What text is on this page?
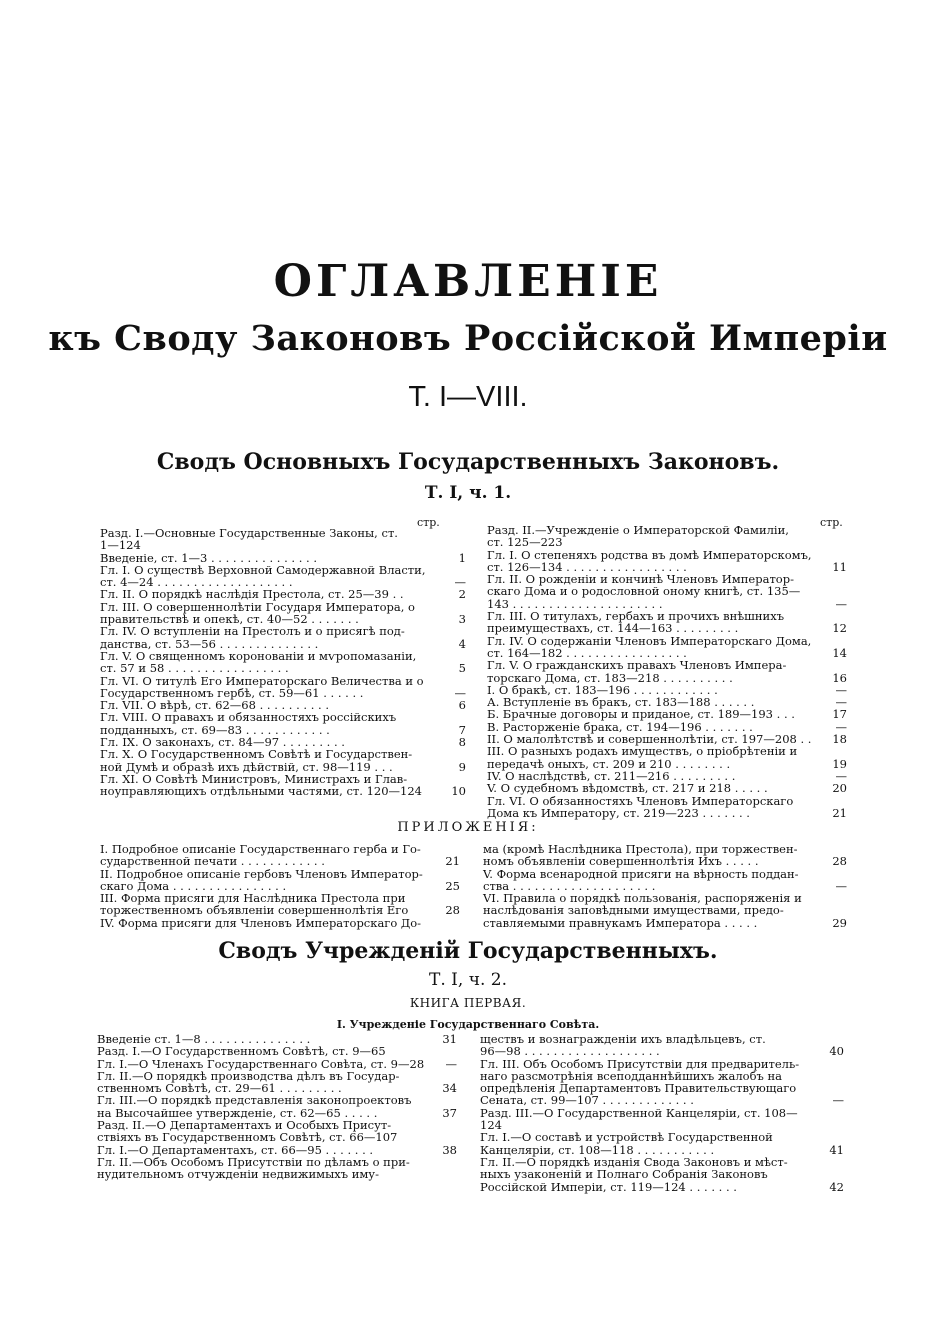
ОГЛАВЛЕНІЕ
къ Своду Законовъ Россійской Имперіи
Т. I—VIII.
Сводъ Основныхъ Государственныхъ Законовъ.
Т. I, ч. 1.
стр.	стр.
Разд. I.—Основные Государственные Законы, ст.
1—124
Введеніе, ст. 1—3 . . . . . . . . . . . . . . .	1
Гл. I. О существѣ Верховной Самодержавной Власти,
ст. 4—24 . . . . . . . . . . . . . . . . . . .	—
Гл. II. О порядкѣ наслѣдія Престола, ст. 25—39 . .	2
Гл. III. О совершеннолѣтіи Государя Императора, о
правительствѣ и опекѣ, ст. 40—52 . . . . . . .	3
Гл. IV. О вступленіи на Престолъ и о присягѣ под-
данства, ст. 53—56 . . . . . . . . . . . . . .	4
Гл. V. О священномъ коронованіи и мѵропомазаніи,
ст. 57 и 58 . . . . . . . . . . . . . . . . .	5
Гл. VI. О титулѣ Его Императорскаго Величества и о
Государственномъ гербѣ, ст. 59—61 . . . . . .	—
Гл. VII. О вѣрѣ, ст. 62—68 . . . . . . . . . .	6
Гл. VIII. О правахъ и обязанностяхъ россійскихъ
подданныхъ, ст. 69—83 . . . . . . . . . . . .	7
Гл. IX. О законахъ, ст. 84—97 . . . . . . . . .	8
Гл. X. О Государственномъ Совѣтѣ и Государствен-
ной Думѣ и образѣ ихъ дѣйствій, ст. 98—119 . . .	9
Гл. XI. О Совѣтѣ Министровъ, Министрахъ и Глав-
ноуправляющихъ отдѣльными частями, ст. 120—124	10
Разд. II.—Учрежденіе о Императорской Фамиліи,
ст. 125—223
Гл. I. О степеняхъ родства въ домѣ Императорскомъ,
ст. 126—134 . . . . . . . . . . . . . . . . .	11
Гл. II. О рожденіи и кончинѣ Членовъ Император-
скаго Дома и о родословной оному книгѣ, ст. 135—
143 . . . . . . . . . . . . . . . . . . . . .	—
Гл. III. О титулахъ, гербахъ и прочихъ внѣшнихъ
преимуществахъ, ст. 144—163 . . . . . . . . .	12
Гл. IV. О содержаніи Членовъ Императорскаго Дома,
ст. 164—182 . . . . . . . . . . . . . . . . .	14
Гл. V. О гражданскихъ правахъ Членовъ Импера-
торскаго Дома, ст. 183—218 . . . . . . . . . .	16
I. О бракѣ, ст. 183—196 . . . . . . . . . . . .	—
А. Вступленіе въ бракъ, ст. 183—188 . . . . . .	—
Б. Брачные договоры и приданое, ст. 189—193 . . .	17
В. Расторженіе брака, ст. 194—196 . . . . . . .	—
II. О малолѣтствѣ и совершеннолѣтіи, ст. 197—208 . .	18
III. О разныхъ родахъ имуществъ, о пріобрѣтеніи и
передачѣ оныхъ, ст. 209 и 210 . . . . . . . .	19
IV. О наслѣдствѣ, ст. 211—216 . . . . . . . . .	—
V. О судебномъ вѣдомствѣ, ст. 217 и 218 . . . . .	20
Гл. VI. О обязанностяхъ Членовъ Императорскаго
Дома къ Императору, ст. 219—223 . . . . . . .	21
ПРИЛОЖЕНІЯ:
I. Подробное описаніе Государственнаго герба и Го-
сударственной печати . . . . . . . . . . . .	21
II. Подробное описаніе гербовъ Членовъ Император-
скаго Дома . . . . . . . . . . . . . . . .	25
III. Форма присяги для Наслѣдника Престола при
торжественномъ объявленіи совершеннолѣтія Его	28
IV. Форма присяги для Членовъ Императорскаго До-
ма (кромѣ Наслѣдника Престола), при торжествен-
номъ объявленіи совершеннолѣтія Ихъ . . . . .	28
V. Форма всенародной присяги на вѣрность поддан-
ства . . . . . . . . . . . . . . . . . . . .	—
VI. Правила о порядкѣ пользованія, распоряженія и
наслѣдованія заповѣдными имуществами, предо-
ставляемыми правнукамъ Императора . . . . .	29
Сводъ Учрежденій Государственныхъ.
Т. I, ч. 2.
КНИГА ПЕРВАЯ.
I. Учрежденіе Государственнаго Совѣта.
Введеніе ст. 1—8 . . . . . . . . . . . . . . .	31
Разд. I.—О Государственномъ Совѣтѣ, ст. 9—65
Гл. I.—О Членахъ Государственнаго Совѣта, ст. 9—28	—
Гл. II.—О порядкѣ производства дѣлъ въ Государ-
ственномъ Совѣтѣ, ст. 29—61 . . . . . . . . .	34
Гл. III.—О порядкѣ представленія законопроектовъ
на Высочайшее утвержденіе, ст. 62—65 . . . . .	37
Разд. II.—О Департаментахъ и Особыхъ Присут-
ствіяхъ въ Государственномъ Совѣтѣ, ст. 66—107
Гл. I.—О Департаментахъ, ст. 66—95 . . . . . . .	38
Гл. II.—Объ Особомъ Присутствіи по дѣламъ о при-
нудительномъ отчужденіи недвижимыхъ иму-
ществъ и вознагражденіи ихъ владѣльцевъ, ст.
96—98 . . . . . . . . . . . . . . . . . . .	40
Гл. III. Объ Особомъ Присутствіи для предваритель-
наго разсмотрѣнія всеподданнѣйшихъ жалобъ на
опредѣленія Департаментовъ Правительствующаго
Сената, ст. 99—107 . . . . . . . . . . . . .	—
Разд. III.—О Государственной Канцеляріи, ст. 108—
124
Гл. I.—О составѣ и устройствѣ Государственной
Канцеляріи, ст. 108—118 . . . . . . . . . . .	41
Гл. II.—О порядкѣ изданія Свода Законовъ и мѣст-
ныхъ узаконеній и Полнаго Собранія Законовъ
Россійской Имперіи, ст. 119—124 . . . . . . .	42
